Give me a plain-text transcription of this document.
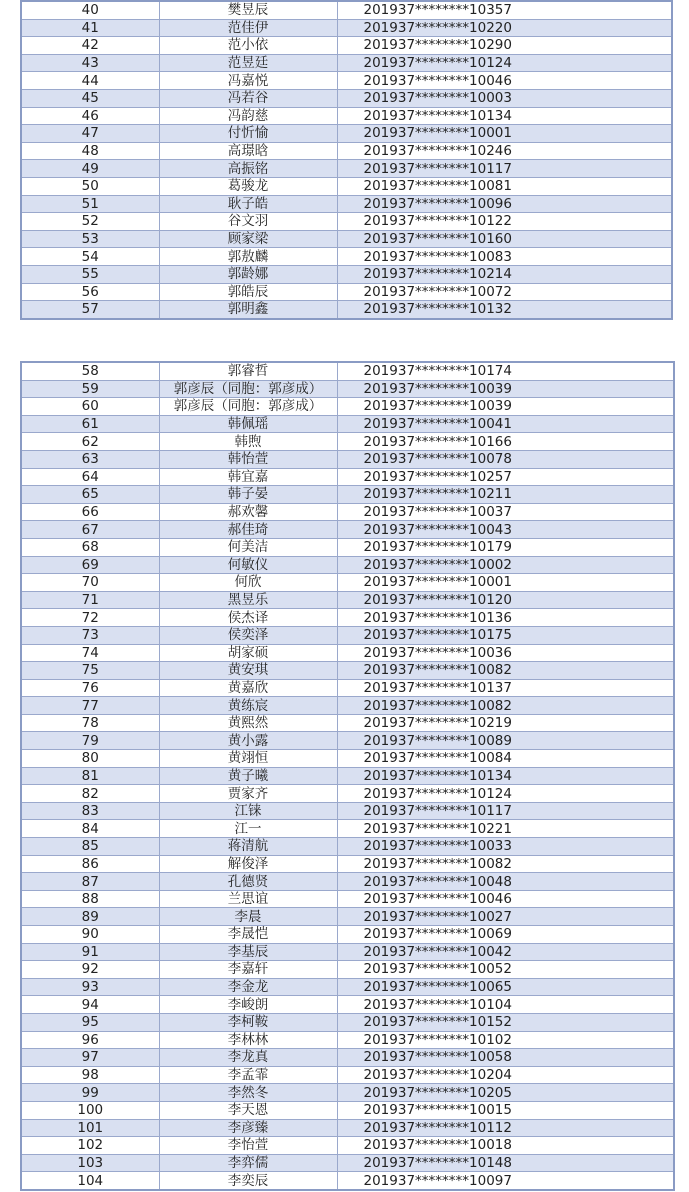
40	樊昱辰	201937********10357
41	范佳伊	201937********10220
42	范小依	201937********10290
43	范昱廷	201937********10124
44	冯嘉悦	201937********10046
45	冯若谷	201937********10003
46	冯韵慈	201937********10134
47	付忻愉	201937********10001
48	高璟晗	201937********10246
49	高振铭	201937********10117
50	葛骏龙	201937********10081
51	耿子皓	201937********10096
52	谷文羽	201937********10122
53	顾家梁	201937********10160
54	郭敖麟	201937********10083
55	郭龄娜	201937********10214
56	郭皓辰	201937********10072
57	郭明鑫	201937********10132
58	郭睿哲	201937********10174
59	郭彦辰（同胞：郭彦成）	201937********10039
60	郭彦辰（同胞：郭彦成）	201937********10039
61	韩佩瑶	201937********10041
62	韩煦	201937********10166
63	韩怡萱	201937********10078
64	韩宜嘉	201937********10257
65	韩子晏	201937********10211
66	郝欢馨	201937********10037
67	郝佳琦	201937********10043
68	何美洁	201937********10179
69	何敏仪	201937********10002
70	何欣	201937********10001
71	黑昱乐	201937********10120
72	侯杰译	201937********10136
73	侯奕泽	201937********10175
74	胡家硕	201937********10036
75	黄安琪	201937********10082
76	黄嘉欣	201937********10137
77	黄练宸	201937********10082
78	黄熙然	201937********10219
79	黄小露	201937********10089
80	黄翊恒	201937********10084
81	黄子曦	201937********10134
82	贾家齐	201937********10124
83	江铼	201937********10117
84	江一	201937********10221
85	蒋清航	201937********10033
86	解俊泽	201937********10082
87	孔德贤	201937********10048
88	兰思谊	201937********10046
89	李晨	201937********10027
90	李晟恺	201937********10069
91	李基辰	201937********10042
92	李嘉轩	201937********10052
93	李金龙	201937********10065
94	李峻朗	201937********10104
95	李柯鞍	201937********10152
96	李林林	201937********10102
97	李龙真	201937********10058
98	李孟霏	201937********10204
99	李然冬	201937********10205
100	李天恩	201937********10015
101	李彦臻	201937********10112
102	李怡萱	201937********10018
103	李弈儒	201937********10148
104	李奕辰	201937********10097
